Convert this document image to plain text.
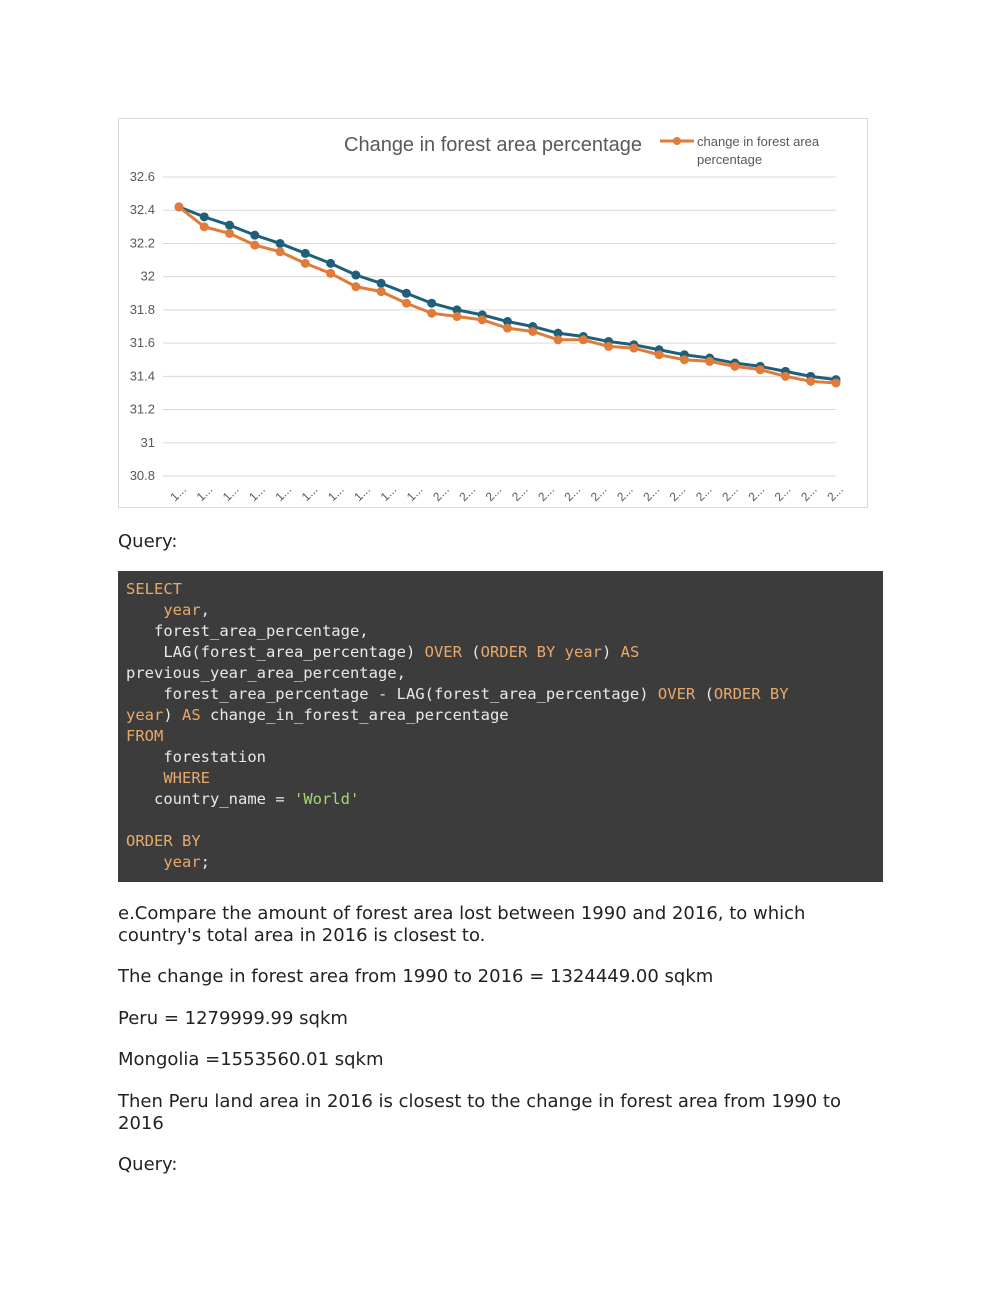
Change in forest area percentage	change in forest area percentage
32.6
32.4
32.2
32
31.8
31.6
31.4
31.2
31
30.8
1... 1... 1... 1... 1... 1... 1... 1... 1... 1... 2... 2... 2... 2... 2... 2... 2... 2... 2... 2... 2... 2... 2... 2... 2... 2...
Query:
SELECT
year,
forest_area_percentage,
LAG(forest_area_percentage) OVER (ORDER BY year) AS
previous_year_area_percentage,
forest_area_percentage - LAG(forest_area_percentage) OVER (ORDER BY
year) AS change_in_forest_area_percentage
FROM
forestation
WHERE
country_name = 'World'

ORDER BY
year;
e.Compare the amount of forest area lost between 1990 and 2016, to which country's total area in 2016 is closest to.
The change in forest area from 1990 to 2016 = 1324449.00 sqkm
Peru = 1279999.99 sqkm
Mongolia =1553560.01 sqkm
Then Peru land area in 2016 is closest to the change in forest area from 1990 to 2016
Query:
